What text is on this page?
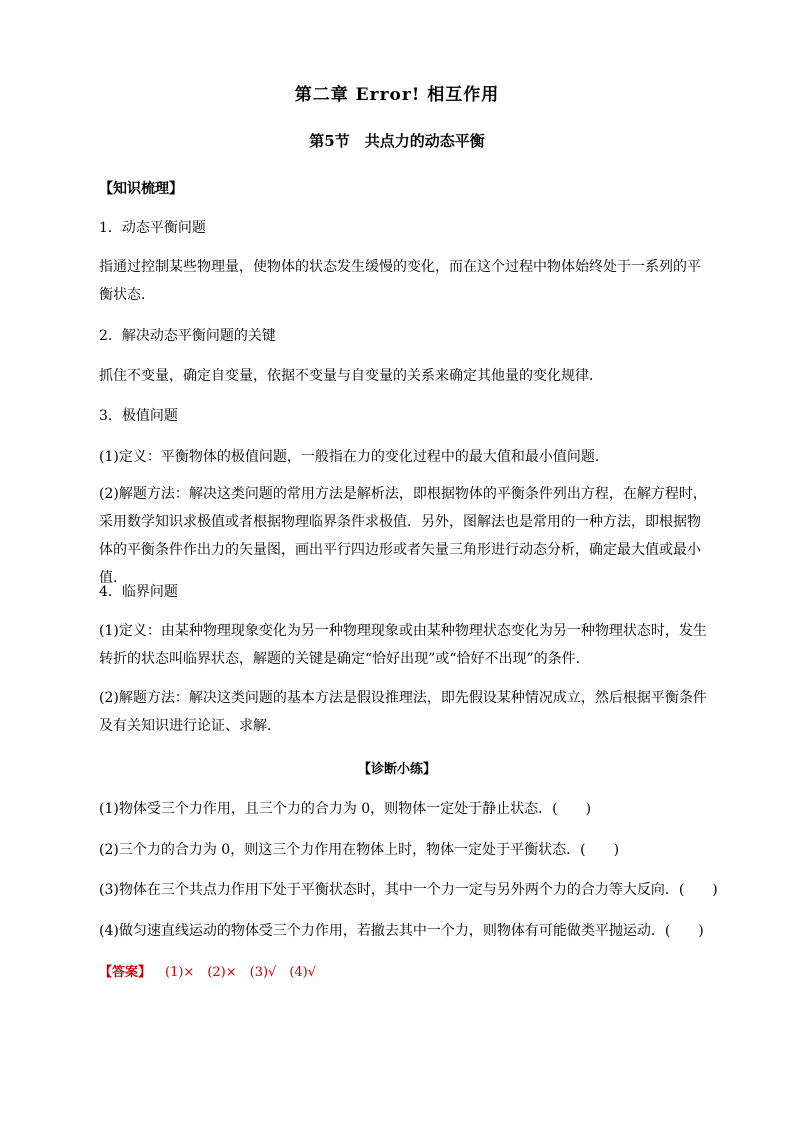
第二章 Error! 相互作用
第5节　共点力的动态平衡
【知识梳理】
1．动态平衡问题
指通过控制某些物理量，使物体的状态发生缓慢的变化，而在这个过程中物体始终处于一系列的平衡状态．
2．解决动态平衡问题的关键
抓住不变量，确定自变量，依据不变量与自变量的关系来确定其他量的变化规律．
3．极值问题
(1)定义：平衡物体的极值问题，一般指在力的变化过程中的最大值和最小值问题．
(2)解题方法：解决这类问题的常用方法是解析法，即根据物体的平衡条件列出方程，在解方程时，采用数学知识求极值或者根据物理临界条件求极值．另外，图解法也是常用的一种方法，即根据物体的平衡条件作出力的矢量图，画出平行四边形或者矢量三角形进行动态分析，确定最大值或最小值．
4．临界问题
(1)定义：由某种物理现象变化为另一种物理现象或由某种物理状态变化为另一种物理状态时，发生转折的状态叫临界状态，解题的关键是确定“恰好出现”或“恰好不出现”的条件．
(2)解题方法：解决这类问题的基本方法是假设推理法，即先假设某种情况成立，然后根据平衡条件及有关知识进行论证、求解．
【诊断小练】
(1)物体受三个力作用，且三个力的合力为 0，则物体一定处于静止状态．(　　)
(2)三个力的合力为 0，则这三个力作用在物体上时，物体一定处于平衡状态．(　　)
(3)物体在三个共点力作用下处于平衡状态时，其中一个力一定与另外两个力的合力等大反向．(　　)
(4)做匀速直线运动的物体受三个力作用，若撤去其中一个力，则物体有可能做类平抛运动．(　　)
【答案】 (1)×　(2)×　(3)√　(4)√
